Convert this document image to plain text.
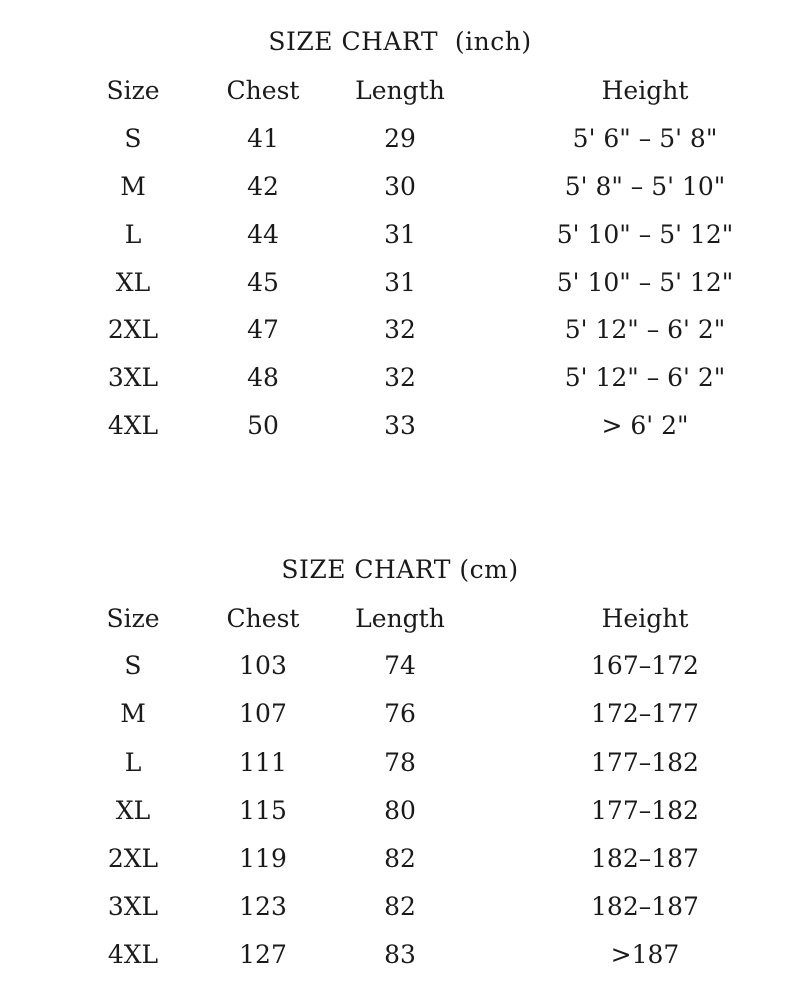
SIZE CHART  (inch)
Size	Chest	Length	Height
S	41	29	5' 6" – 5' 8"
M	42	30	5' 8" – 5' 10"
L	44	31	5' 10" – 5' 12"
XL	45	31	5' 10" – 5' 12"
2XL	47	32	5' 12" – 6' 2"
3XL	48	32	5' 12" – 6' 2"
4XL	50	33	> 6' 2"
SIZE CHART (cm)
Size	Chest	Length	Height
S	103	74	167–172
M	107	76	172–177
L	111	78	177–182
XL	115	80	177–182
2XL	119	82	182–187
3XL	123	82	182–187
4XL	127	83	>187
